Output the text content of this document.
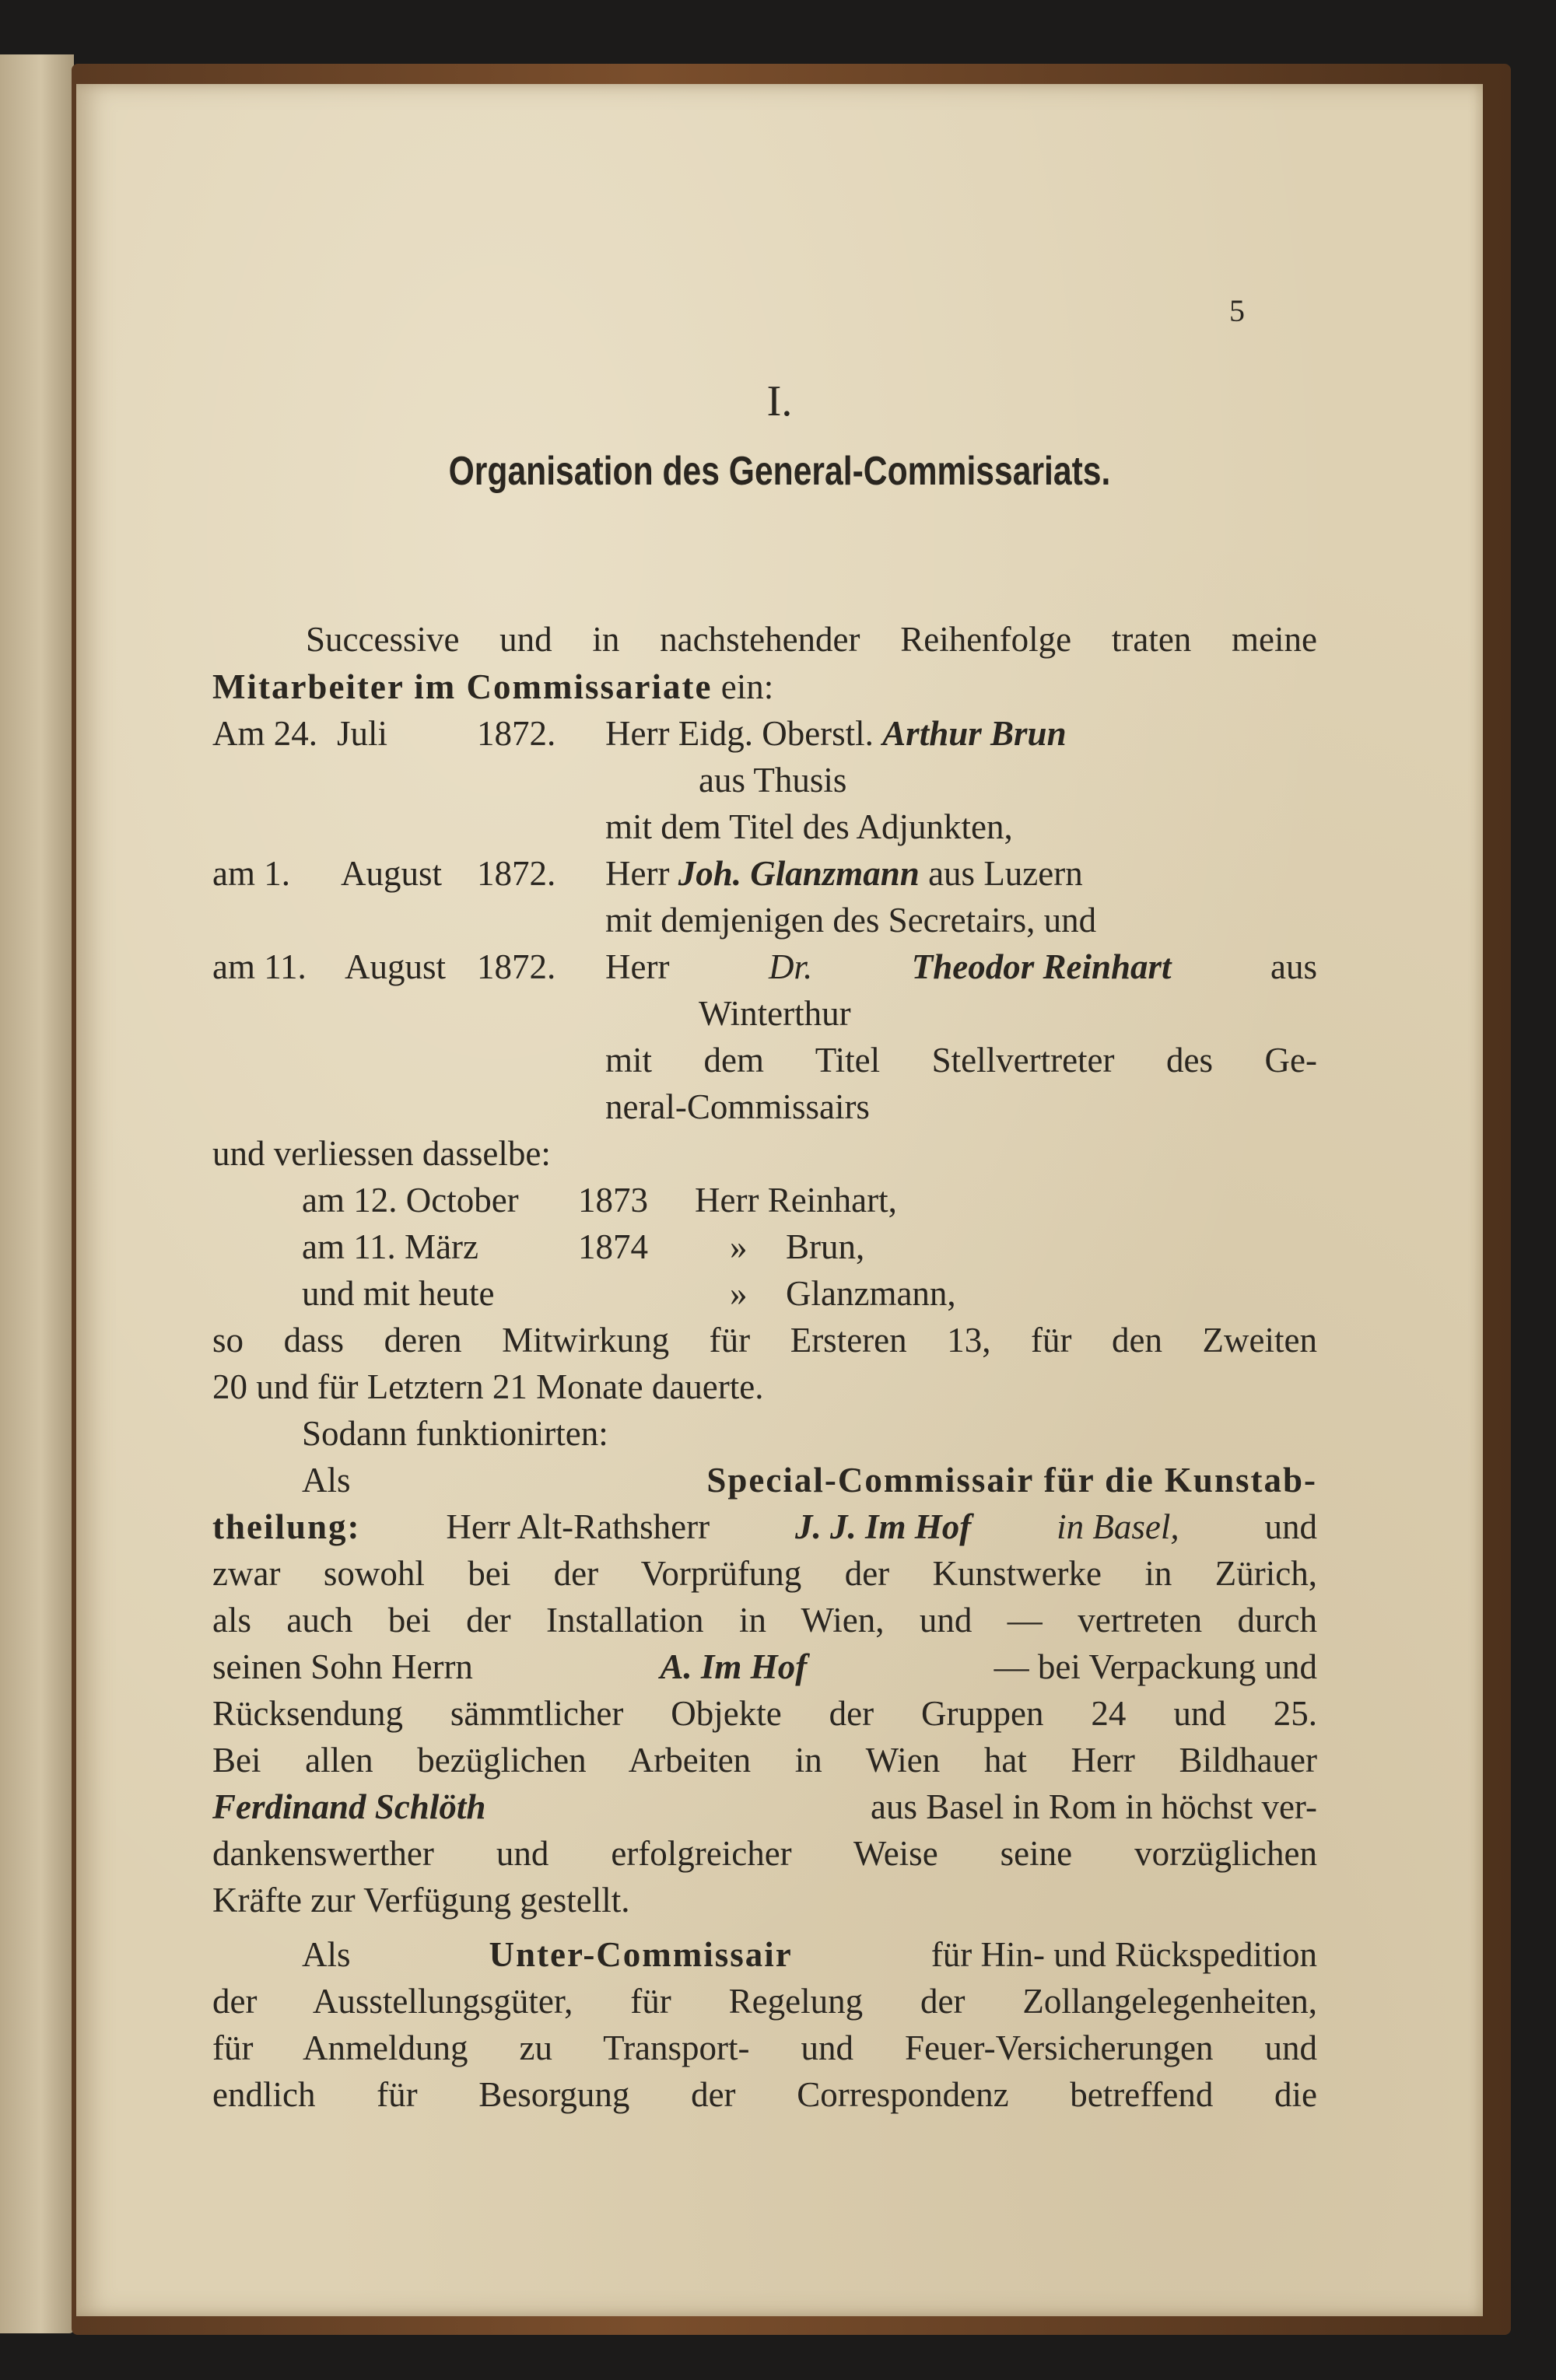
5
I.
Organisation des General-Commissariats.
Successive und in nachstehender Reihenfolge traten meine
Mitarbeiter im Commissariate ein:
Am 24. Juli	1872. Herr Eidg. Oberstl. Arthur Brun
aus Thusis
mit dem Titel des Adjunkten,
am 1. August 1872. Herr Joh. Glanzmann aus Luzern
mit demjenigen des Secretairs, und
am 11. August 1872. Herr	Dr.	Theodor Reinhart	aus
Winterthur
mit dem Titel Stellvertreter des Ge-
neral-Commissairs
und verliessen dasselbe:
am 12. October 1873 Herr Reinhart,
am 11. März	1874 » Brun,
und mit heute	» Glanzmann,
so dass deren Mitwirkung für Ersteren 13, für den Zweiten
20 und für Letztern 21 Monate dauerte.
Sodann funktionirten:
Als	Special-Commissair für die Kunstab-
theilung: Herr Alt-Rathsherr J. J. Im Hof in Basel, und
zwar sowohl bei der Vorprüfung der Kunstwerke in Zürich,
als auch bei der Installation in Wien, und — vertreten durch
seinen Sohn Herrn	A. Im Hof	— bei Verpackung und
Rücksendung sämmtlicher Objekte der Gruppen 24 und 25.
Bei allen bezüglichen Arbeiten in Wien hat Herr Bildhauer
Ferdinand Schlöth	aus Basel in Rom in höchst ver-
dankenswerther und erfolgreicher Weise seine vorzüglichen
Kräfte zur Verfügung gestellt.
Als	Unter-Commissair	für Hin- und Rückspedition
der Ausstellungsgüter, für Regelung der Zollangelegenheiten,
für Anmeldung zu Transport- und Feuer-Versicherungen und
endlich für Besorgung der Correspondenz betreffend die
